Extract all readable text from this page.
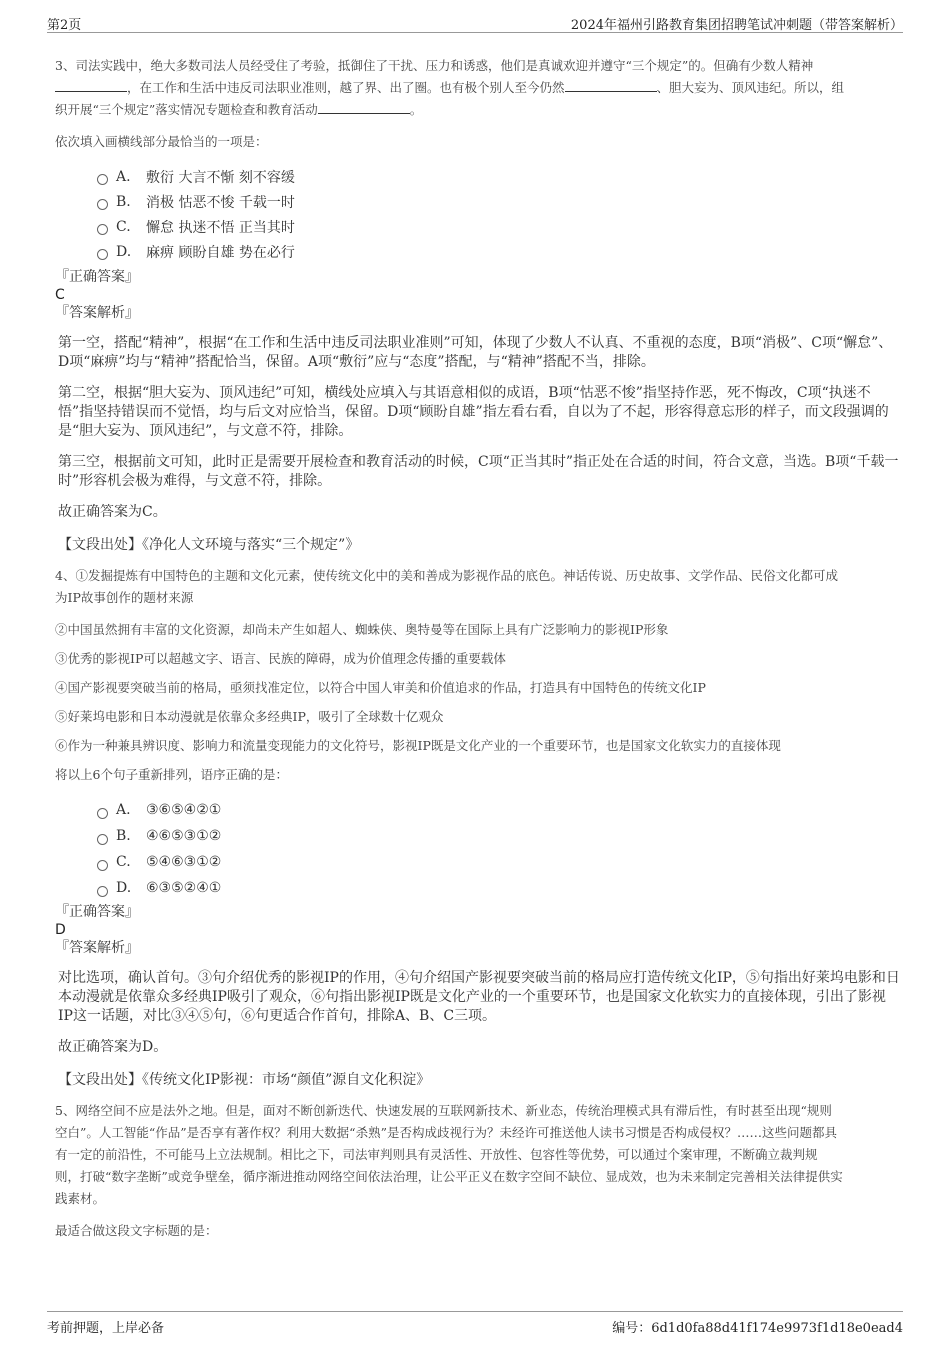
第2页	2024年福州引路教育集团招聘笔试冲刺题（带答案解析）

3、司法实践中，绝大多数司法人员经受住了考验，抵御住了干扰、压力和诱惑，他们是真诚欢迎并遵守“三个规定”的。但确有少数人精神
，在工作和生活中违反司法职业准则，越了界、出了圈。也有极个别人至今仍然	、胆大妄为、顶风违纪。所以，组
织开展“三个规定”落实情况专题检查和教育活动	。

依次填入画横线部分最恰当的一项是：

A.	敷衍 大言不惭 刻不容缓
B.	消极 怙恶不悛 千载一时
C.	懈怠 执迷不悟 正当其时
D.	麻痹 顾盼自雄 势在必行

『正确答案』

C

『答案解析』

第一空，搭配“精神”，根据“在工作和生活中违反司法职业准则”可知，体现了少数人不认真、不重视的态度，B项“消极”、C项“懈怠”、D项“麻痹”均与“精神”搭配恰当，保留。A项“敷衍”应与“态度”搭配，与“精神”搭配不当，排除。

第二空，根据“胆大妄为、顶风违纪”可知，横线处应填入与其语意相似的成语，B项“怙恶不悛”指坚持作恶，死不悔改，C项“执迷不悟”指坚持错误而不觉悟，均与后文对应恰当，保留。D项“顾盼自雄”指左看右看，自以为了不起，形容得意忘形的样子，而文段强调的是“胆大妄为、顶风违纪”，与文意不符，排除。

第三空，根据前文可知，此时正是需要开展检查和教育活动的时候，C项“正当其时”指正处在合适的时间，符合文意，当选。B项“千载一时”形容机会极为难得，与文意不符，排除。

故正确答案为C。

【文段出处】《净化人文环境与落实“三个规定”》

4、①发掘提炼有中国特色的主题和文化元素，使传统文化中的美和善成为影视作品的底色。神话传说、历史故事、文学作品、民俗文化都可成
为IP故事创作的题材来源

②中国虽然拥有丰富的文化资源，却尚未产生如超人、蜘蛛侠、奥特曼等在国际上具有广泛影响力的影视IP形象

③优秀的影视IP可以超越文字、语言、民族的障碍，成为价值理念传播的重要载体

④国产影视要突破当前的格局，亟须找准定位，以符合中国人审美和价值追求的作品，打造具有中国特色的传统文化IP

⑤好莱坞电影和日本动漫就是依靠众多经典IP，吸引了全球数十亿观众

⑥作为一种兼具辨识度、影响力和流量变现能力的文化符号，影视IP既是文化产业的一个重要环节，也是国家文化软实力的直接体现

将以上6个句子重新排列，语序正确的是：

A.	③⑥⑤④②①
B.	④⑥⑤③①②
C.	⑤④⑥③①②
D.	⑥③⑤②④①

『正确答案』

D

『答案解析』

对比选项，确认首句。③句介绍优秀的影视IP的作用，④句介绍国产影视要突破当前的格局应打造传统文化IP，⑤句指出好莱坞电影和日本动漫就是依靠众多经典IP吸引了观众，⑥句指出影视IP既是文化产业的一个重要环节，也是国家文化软实力的直接体现，引出了影视IP这一话题，对比③④⑤句，⑥句更适合作首句，排除A、B、C三项。

故正确答案为D。

【文段出处】《传统文化IP影视：市场“颜值”源自文化积淀》

5、网络空间不应是法外之地。但是，面对不断创新迭代、快速发展的互联网新技术、新业态，传统治理模式具有滞后性，有时甚至出现“规则
空白”。人工智能“作品”是否享有著作权？利用大数据“杀熟”是否构成歧视行为？未经许可推送他人读书习惯是否构成侵权？……这些问题都具
有一定的前沿性，不可能马上立法规制。相比之下，司法审判则具有灵活性、开放性、包容性等优势，可以通过个案审理，不断确立裁判规
则，打破“数字垄断”或竞争壁垒，循序渐进推动网络空间依法治理，让公平正义在数字空间不缺位、显成效，也为未来制定完善相关法律提供实
践素材。

最适合做这段文字标题的是：

考前押题，上岸必备	编号：6d1d0fa88d41f174e9973f1d18e0ead4
